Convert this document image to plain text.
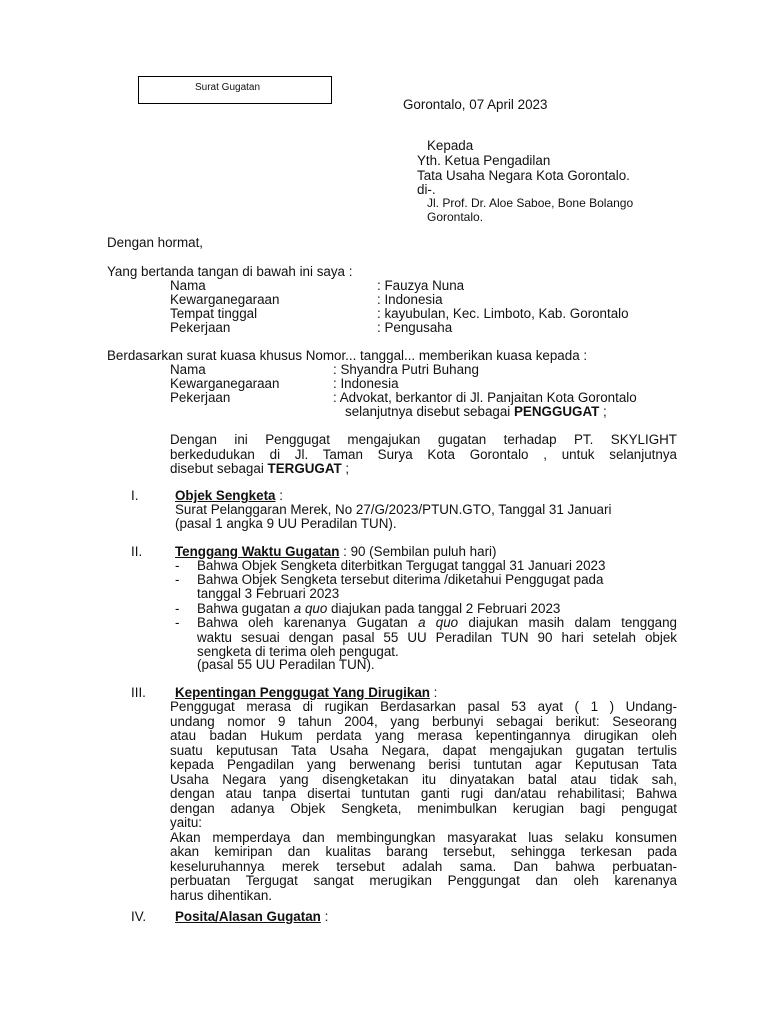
Surat Gugatan
Gorontalo, 07 April 2023
Kepada
Yth. Ketua Pengadilan
Tata Usaha Negara Kota Gorontalo.
di-.
Jl. Prof. Dr. Aloe Saboe, Bone Bolango
Gorontalo.
Dengan hormat,
Yang bertanda tangan di bawah ini saya :
Nama	: Fauzya Nuna
Kewarganegaraan	: Indonesia
Tempat tinggal	: kayubulan, Kec. Limboto, Kab. Gorontalo
Pekerjaan	: Pengusaha
Berdasarkan surat kuasa khusus Nomor... tanggal... memberikan kuasa kepada :
Nama	: Shyandra Putri Buhang
Kewarganegaraan	: Indonesia
Pekerjaan	: Advokat, berkantor di Jl. Panjaitan Kota Gorontalo
selanjutnya disebut sebagai PENGGUGAT ;
Dengan ini Penggugat mengajukan gugatan terhadap PT. SKYLIGHT
berkedudukan di Jl. Taman Surya Kota Gorontalo , untuk selanjutnya
disebut sebagai TERGUGAT ;
I.	Objek Sengketa :
Surat Pelanggaran Merek, No 27/G/2023/PTUN.GTO, Tanggal 31 Januari
(pasal 1 angka 9 UU Peradilan TUN).
II. Tenggang Waktu Gugatan : 90 (Sembilan puluh hari)
- Bahwa Objek Sengketa diterbitkan Tergugat tanggal 31 Januari 2023
- Bahwa Objek Sengketa tersebut diterima /diketahui Penggugat pada
tanggal 3 Februari 2023
- Bahwa gugatan a quo diajukan pada tanggal 2 Februari 2023
- Bahwa oleh karenanya Gugatan a quo diajukan masih dalam tenggang
waktu sesuai dengan pasal 55 UU Peradilan TUN 90 hari setelah objek
sengketa di terima oleh pengugat.
(pasal 55 UU Peradilan TUN).
III. Kepentingan Penggugat Yang Dirugikan :
Penggugat merasa di rugikan Berdasarkan pasal 53 ayat ( 1 ) Undang-
undang nomor 9 tahun 2004, yang berbunyi sebagai berikut: Seseorang
atau badan Hukum perdata yang merasa kepentingannya dirugikan oleh
suatu keputusan Tata Usaha Negara, dapat mengajukan gugatan tertulis
kepada Pengadilan yang berwenang berisi tuntutan agar Keputusan Tata
Usaha Negara yang disengketakan itu dinyatakan batal atau tidak sah,
dengan atau tanpa disertai tuntutan ganti rugi dan/atau rehabilitasi; Bahwa
dengan adanya Objek Sengketa, menimbulkan kerugian bagi pengugat
yaitu:
Akan memperdaya dan membingungkan masyarakat luas selaku konsumen
akan kemiripan dan kualitas barang tersebut, sehingga terkesan pada
keseluruhannya merek tersebut adalah sama. Dan bahwa perbuatan-
perbuatan Tergugat sangat merugikan Penggungat dan oleh karenanya
harus dihentikan.
IV. Posita/Alasan Gugatan :
